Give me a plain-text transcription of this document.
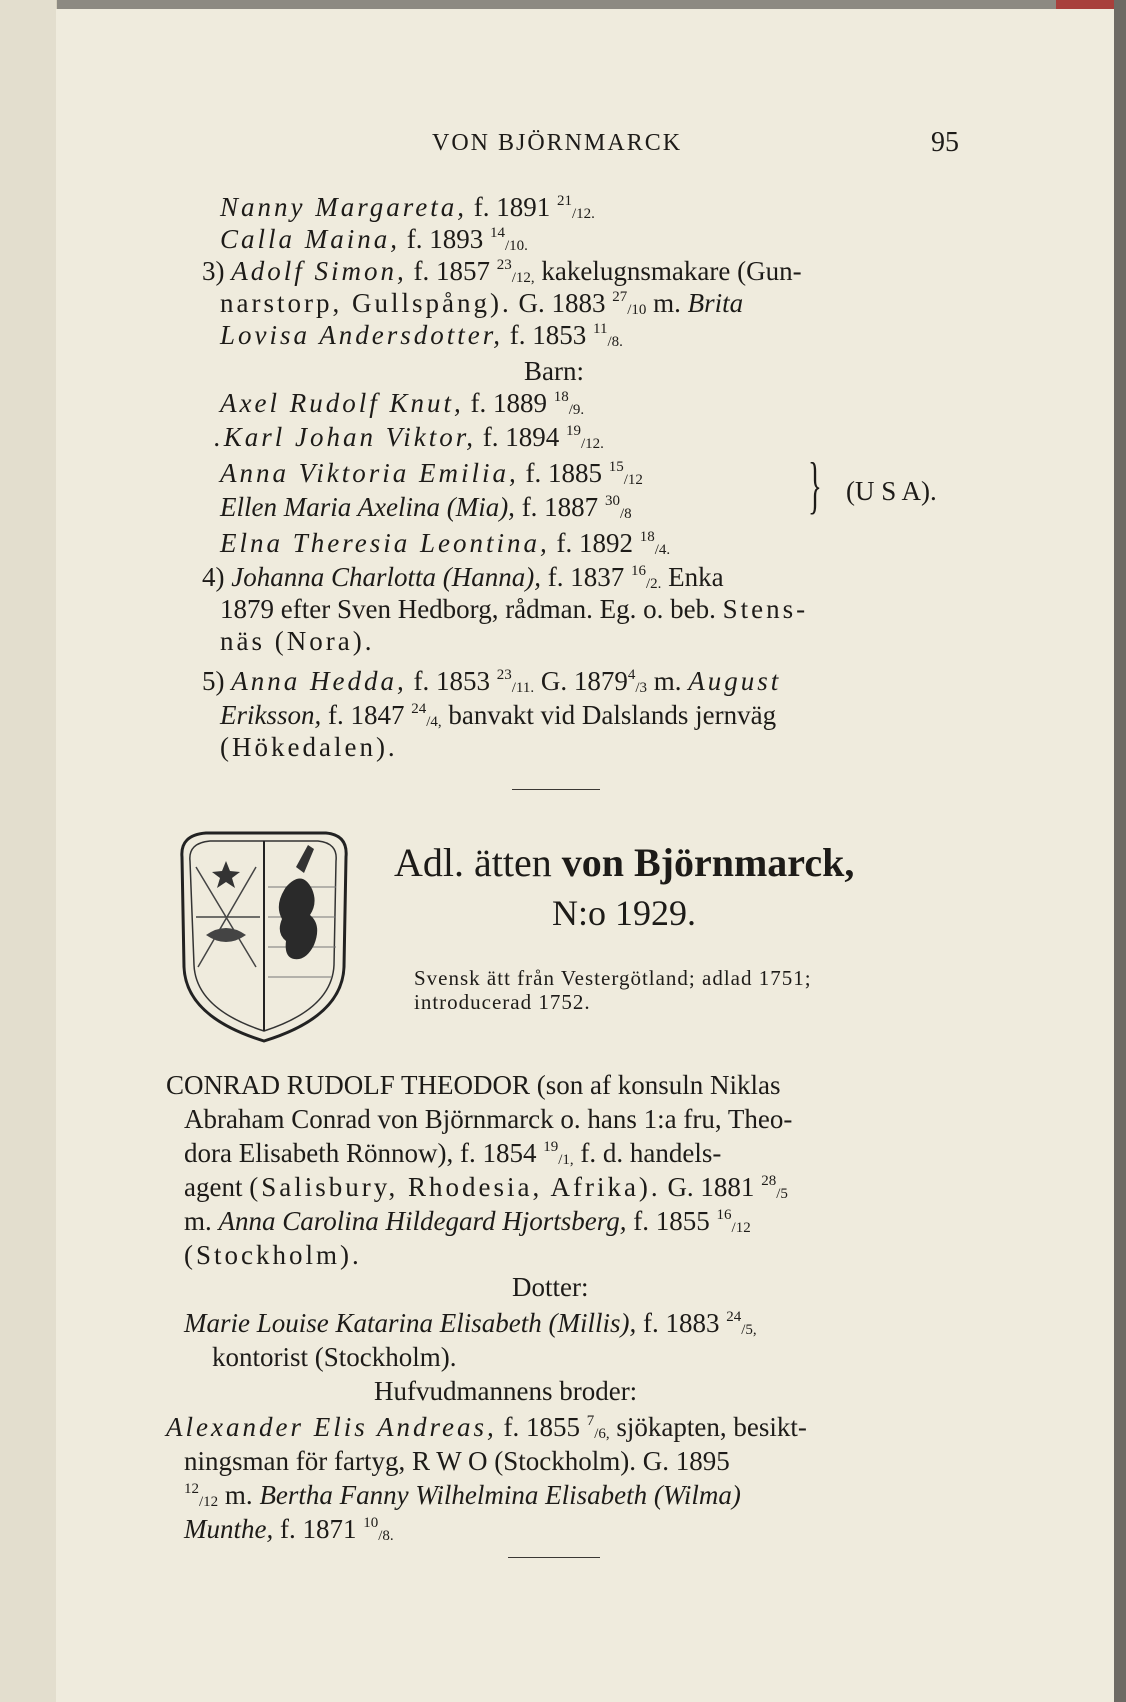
VON BJÖRNMARCK	95
Nanny Margareta, f. 1891 $^{21}_{/12.}$
Calla Maina, f. 1893 $^{14}_{/10.}$
3) Adolf Simon, f. 1857 $^{23}_{/12,}$ kakelugnsmakare (Gun-
narstorp, Gullspång). G. 1883 $^{27}_{/10}$ m. Brita
Lovisa Andersdotter, f. 1853 $^{11}_{/8.}$
Barn:
Axel Rudolf Knut, f. 1889 $^{18}_{/9.}$
.Karl Johan Viktor, f. 1894 $^{19}_{/12.}$
Anna Viktoria Emilia, f. 1885 $^{15}_{/12}$
Ellen Maria Axelina (Mia), f. 1887 $^{30}_{/8}$	} (U S A).
Elna Theresia Leontina, f. 1892 $^{18}_{/4.}$
4) Johanna Charlotta (Hanna), f. 1837 $^{16}_{/2.}$ Enka
1879 efter Sven Hedborg, rådman. Eg. o. beb. Stens-
näs (Nora).
5) Anna Hedda, f. 1853 $^{23}_{/11.}$ G. $1879^4_{/3}$ m. August
Eriksson, f. 1847 $^{24}_{/4,}$ banvakt vid Dalslands jernväg
(Hökedalen).
Adl. ätten von Björnmarck,
N:o 1929.
Svensk ätt från Vestergötland; adlad 1751;
introducerad 1752.
CONRAD RUDOLF THEODOR (son af konsuln Niklas
Abraham Conrad von Björnmarck o. hans 1:a fru, Theo-
dora Elisabeth Rönnow), f. 1854 $^{19}_{/1,}$ f. d. handels-
agent (Salisbury, Rhodesia, Afrika). G. 1881 $^{28}_{/5}$
m. Anna Carolina Hildegard Hjortsberg, f. 1855 $^{16}_{/12}$
(Stockholm).
Dotter:
Marie Louise Katarina Elisabeth (Millis), f. 1883 $^{24}_{/5,}$
kontorist (Stockholm).
Hufvudmannens broder:
Alexander Elis Andreas, f. 1855 $^7_{/6,}$ sjökapten, besikt-
ningsman för fartyg, R W O (Stockholm). G. 1895
$^{12}_{/12}$ m. Bertha Fanny Wilhelmina Elisabeth (Wilma)
Munthe, f. 1871 $^{10}_{/8.}$
